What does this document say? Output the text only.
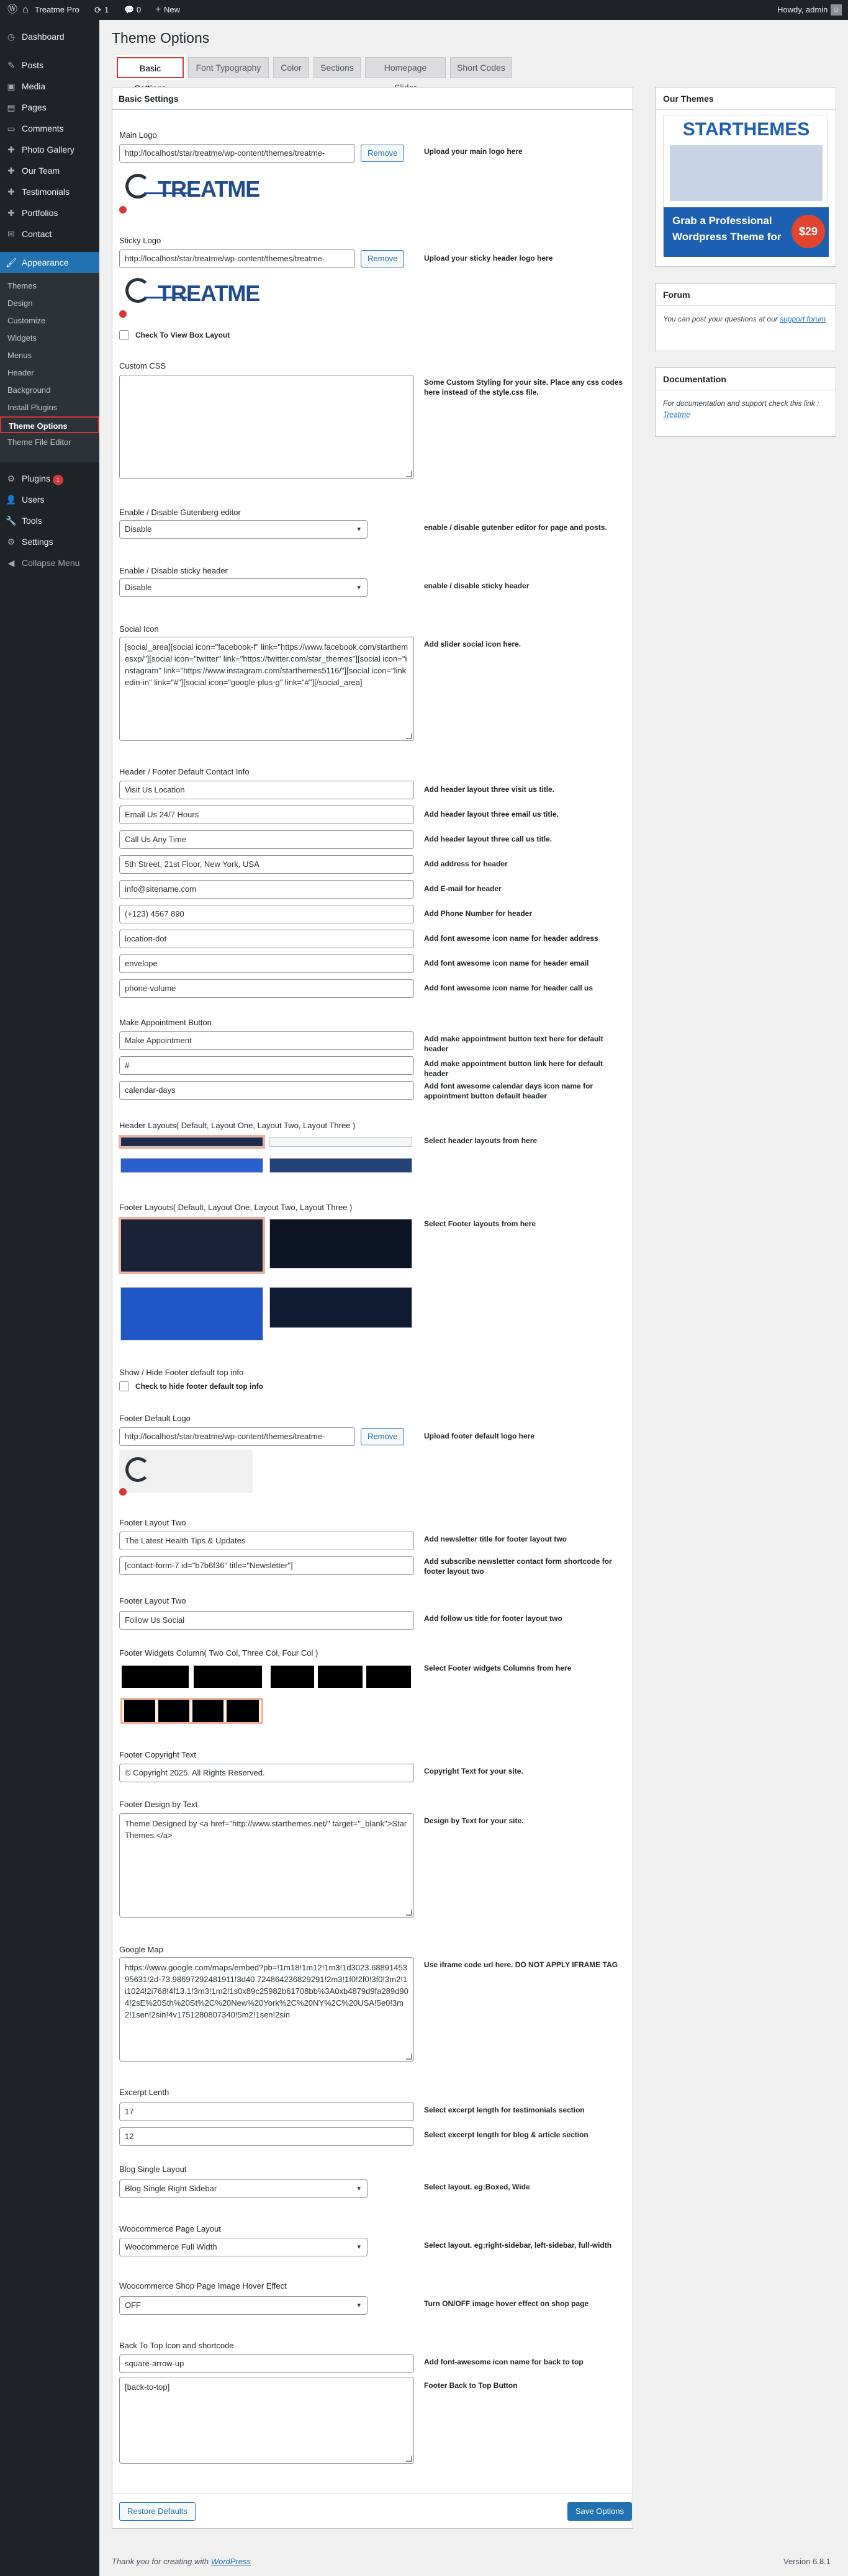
Ⓦ ⌂ Treatme Pro ⟳ 1 💬 0 + New	Howdy, admin ☺
◷ Dashboard
✎ Posts
▣ Media
▤ Pages
▭ Comments
✚ Photo Gallery
✚ Our Team
✚ Testimonials
✚ Portfolios
✉ Contact
🖌 Appearance
Themes
Design
Customize
Widgets
Menus
Header
Background
Install Plugins
Theme Options
Theme File Editor
⚙ Plugins 1
👤 Users
🔧 Tools
⚙ Settings
◀ Collapse Menu
Theme Options
Basic	Font Typography	Color	Sections	Homepage	Short Codes
Basic Settings
Main Logo
http://localhost/star/treatme/wp-content/themes/treatme-	Remove	Upload your main logo here
TREATME
Sticky Logo
http://localhost/star/treatme/wp-content/themes/treatme-	Remove	Upload your sticky header logo here
TREATME
Check To View Box Layout
Custom CSS
Some Custom Styling for your site. Place any css codes here instead of the style.css file.
Enable / Disable Gutenberg editor
Disable	▾	enable / disable gutenber editor for page and posts.
Enable / Disable sticky header
Disable	▾	enable / disable sticky header
Social Icon
[social_area][social icon="facebook-f" link="https://www.facebook.com/starthemesxp/"][social icon="twitter" link="https://twitter.com/star_themes"][social icon="instagram" link="https://www.instagram.com/starthemes5116/"][social icon="linkedin-in" link="#"][social icon="google-plus-g" link="#"][/social_area]
Add slider social icon here.
Header / Footer Default Contact Info
Visit Us Location	Add header layout three visit us title.
Email Us 24/7 Hours	Add header layout three email us title.
Call Us Any Time	Add header layout three call us title.
5th Street, 21st Floor, New York, USA	Add address for header
info@sitename.com	Add E-mail for header
(+123) 4567 890	Add Phone Number for header
location-dot	Add font awesome icon name for header address
envelope	Add font awesome icon name for header email
phone-volume	Add font awesome icon name for header call us
Make Appointment Button
Make Appointment	Add make appointment button text here for default header
#	Add make appointment button link here for default header
calendar-days	Add font awesome calendar days icon name for appointment button default header
Header Layouts( Default, Layout One, Layout Two, Layout Three )
Select header layouts from here
Footer Layouts( Default, Layout One, Layout Two, Layout Three )
Select Footer layouts from here
Show / Hide Footer default top info
Check to hide footer default top info
Footer Default Logo
http://localhost/star/treatme/wp-content/themes/treatme-	Remove	Upload footer default logo here
Footer Layout Two
The Latest Health Tips & Updates	Add newsletter title for footer layout two
[contact-form-7 id="b7b6f36" title="Newsletter"]	Add subscribe newsletter contact form shortcode for footer layout two
Footer Layout Two
Follow Us Social	Add follow us title for footer layout two
Footer Widgets Column( Two Col, Three Col, Four Col )
Select Footer widgets Columns from here
Footer Copyright Text
© Copyright 2025. All Rights Reserved.	Copyright Text for your site.
Footer Design by Text
Theme Designed by <a href="http://www.starthemes.net/" target="_blank">Star Themes.</a>
Design by Text for your site.
Google Map
https://www.google.com/maps/embed?pb=!1m18!1m12!1m3!1d3023.6889145395631!2d-73.98697292481911!3d40.724864236829291!2m3!1f0!2f0!3f0!3m2!1i1024!2i768!4f13.1!3m3!1m2!1s0x89c25982b61708bb%3A0xb4879d9fa289d904!2sE%20Sth%20St%2C%20New%20York%2C%20NY%2C%20USA!5e0!3m2!1sen!2sin!4v1751280807340!5m2!1sen!2sin
Use iframe code url here. DO NOT APPLY IFRAME TAG
Excerpt Lenth
17	Select excerpt length for testimonials section
12	Select excerpt length for blog & article section
Blog Single Layout
Blog Single Right Sidebar	▾	Select layout. eg:Boxed, Wide
Woocommerce Page Layout
Woocommerce Full Width	▾	Select layout. eg:right-sidebar, left-sidebar, full-width
Woocommerce Shop Page Image Hover Effect
OFF	▾	Turn ON/OFF image hover effect on shop page
Back To Top Icon and shortcode
square-arrow-up	Add font-awesome icon name for back to top
[back-to-top]	Footer Back to Top Button
Restore Defaults	Save Options
Our Themes
STARTHEMES
Grab a Professional
Wordpress Theme for	$29
Forum
You can post your questions at our support forum
Documentation
For documentation and support check this link : Treatme
Thank you for creating with WordPress	Version 6.8.1
